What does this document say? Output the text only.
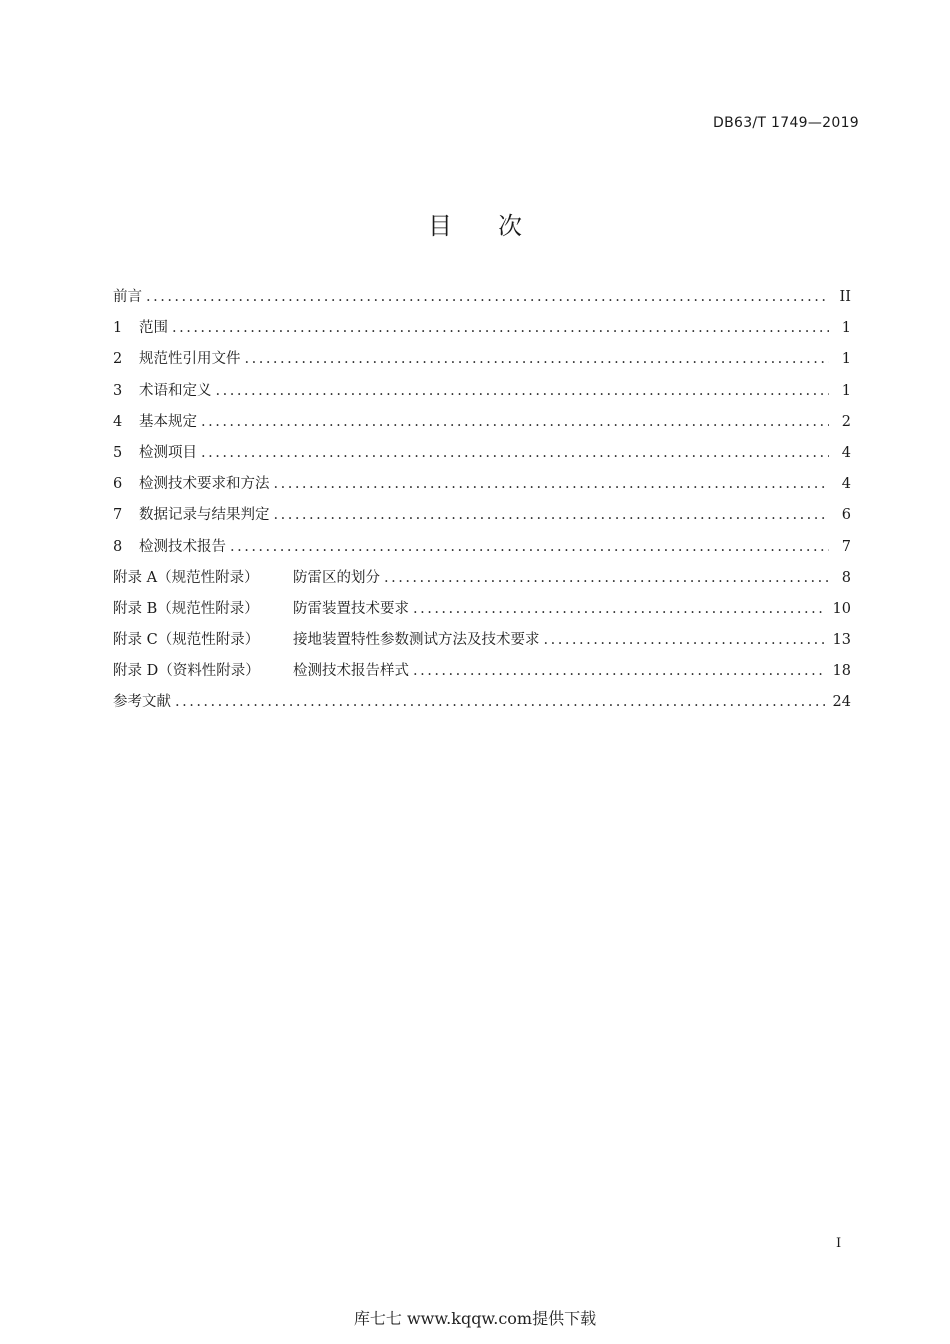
DB63/T 1749—2019
目 次
前言 .....	II
1 范围 .....	1
2 规范性引用文件 .....	1
3 术语和定义 .....	1
4 基本规定 .....	2
5 检测项目 .....	4
6 检测技术要求和方法 .....	4
7 数据记录与结果判定 .....	6
8 检测技术报告 .....	7
附录 A（规范性附录） 防雷区的划分 .....	8
附录 B（规范性附录） 防雷装置技术要求 .....	10
附录 C（规范性附录） 接地装置特性参数测试方法及技术要求 .....	13
附录 D（资料性附录） 检测技术报告样式 .....	18
参考文献 .....	24
I
库七七 www.kqqw.com提供下载
